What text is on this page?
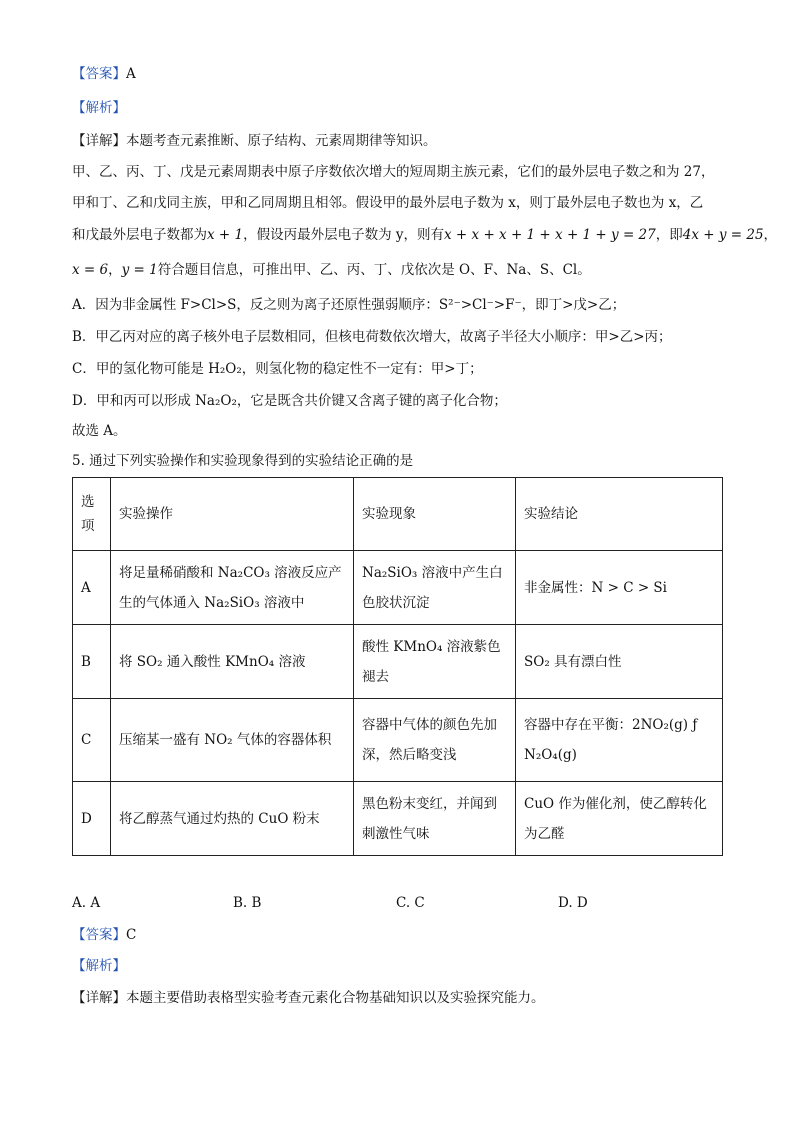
【答案】A
【解析】
【详解】本题考查元素推断、原子结构、元素周期律等知识。
甲、乙、丙、丁、戊是元素周期表中原子序数依次增大的短周期主族元素，它们的最外层电子数之和为 27，
甲和丁、乙和戊同主族，甲和乙同周期且相邻。假设甲的最外层电子数为 x，则丁最外层电子数也为 x，乙
和戊最外层电子数都为x + 1，假设丙最外层电子数为 y，则有x + x + x + 1 + x + 1 + y = 27，即4x + y = 25，
x = 6，y = 1符合题目信息，可推出甲、乙、丙、丁、戊依次是 O、F、Na、S、Cl。
A．因为非金属性 F>Cl>S，反之则为离子还原性强弱顺序：S²⁻>Cl⁻>F⁻，即丁>戊>乙；
B．甲乙丙对应的离子核外电子层数相同，但核电荷数依次增大，故离子半径大小顺序：甲>乙>丙；
C．甲的氢化物可能是 H₂O₂，则氢化物的稳定性不一定有：甲>丁；
D．甲和丙可以形成 Na₂O₂，它是既含共价键又含离子键的离子化合物；
故选 A。
5. 通过下列实验操作和实验现象得到的实验结论正确的是
选项	实验操作	实验现象	实验结论
A	将足量稀硝酸和 Na₂CO₃ 溶液反应产生的气体通入 Na₂SiO₃ 溶液中	Na₂SiO₃ 溶液中产生白色胶状沉淀	非金属性：N > C > Si
B	将 SO₂ 通入酸性 KMnO₄ 溶液	酸性 KMnO₄ 溶液紫色褪去	SO₂ 具有漂白性
C	压缩某一盛有 NO₂ 气体的容器体积	容器中气体的颜色先加深，然后略变浅	容器中存在平衡：2NO₂(g) ƒ N₂O₄(g)
D	将乙醇蒸气通过灼热的 CuO 粉末	黑色粉末变红，并闻到刺激性气味	CuO 作为催化剂，使乙醇转化为乙醛
A. A	B. B	C. C	D. D
【答案】C
【解析】
【详解】本题主要借助表格型实验考查元素化合物基础知识以及实验探究能力。
